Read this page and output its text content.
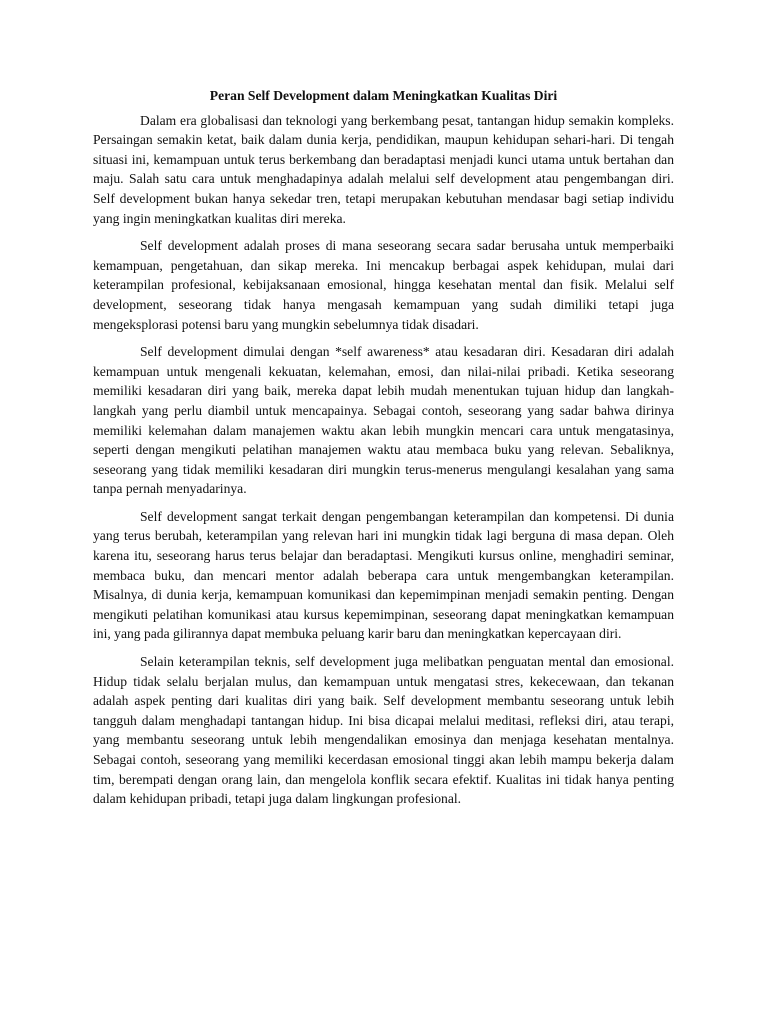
Peran Self Development dalam Meningkatkan Kualitas Diri

Dalam era globalisasi dan teknologi yang berkembang pesat, tantangan hidup semakin kompleks. Persaingan semakin ketat, baik dalam dunia kerja, pendidikan, maupun kehidupan sehari-hari. Di tengah situasi ini, kemampuan untuk terus berkembang dan beradaptasi menjadi kunci utama untuk bertahan dan maju. Salah satu cara untuk menghadapinya adalah melalui self development atau pengembangan diri. Self development bukan hanya sekedar tren, tetapi merupakan kebutuhan mendasar bagi setiap individu yang ingin meningkatkan kualitas diri mereka.

Self development adalah proses di mana seseorang secara sadar berusaha untuk memperbaiki kemampuan, pengetahuan, dan sikap mereka. Ini mencakup berbagai aspek kehidupan, mulai dari keterampilan profesional, kebijaksanaan emosional, hingga kesehatan mental dan fisik. Melalui self development, seseorang tidak hanya mengasah kemampuan yang sudah dimiliki tetapi juga mengeksplorasi potensi baru yang mungkin sebelumnya tidak disadari.

Self development dimulai dengan *self awareness* atau kesadaran diri. Kesadaran diri adalah kemampuan untuk mengenali kekuatan, kelemahan, emosi, dan nilai-nilai pribadi. Ketika seseorang memiliki kesadaran diri yang baik, mereka dapat lebih mudah menentukan tujuan hidup dan langkah-langkah yang perlu diambil untuk mencapainya. Sebagai contoh, seseorang yang sadar bahwa dirinya memiliki kelemahan dalam manajemen waktu akan lebih mungkin mencari cara untuk mengatasinya, seperti dengan mengikuti pelatihan manajemen waktu atau membaca buku yang relevan. Sebaliknya, seseorang yang tidak memiliki kesadaran diri mungkin terus-menerus mengulangi kesalahan yang sama tanpa pernah menyadarinya.

Self development sangat terkait dengan pengembangan keterampilan dan kompetensi. Di dunia yang terus berubah, keterampilan yang relevan hari ini mungkin tidak lagi berguna di masa depan. Oleh karena itu, seseorang harus terus belajar dan beradaptasi. Mengikuti kursus online, menghadiri seminar, membaca buku, dan mencari mentor adalah beberapa cara untuk mengembangkan keterampilan. Misalnya, di dunia kerja, kemampuan komunikasi dan kepemimpinan menjadi semakin penting. Dengan mengikuti pelatihan komunikasi atau kursus kepemimpinan, seseorang dapat meningkatkan kemampuan ini, yang pada gilirannya dapat membuka peluang karir baru dan meningkatkan kepercayaan diri.

Selain keterampilan teknis, self development juga melibatkan penguatan mental dan emosional. Hidup tidak selalu berjalan mulus, dan kemampuan untuk mengatasi stres, kekecewaan, dan tekanan adalah aspek penting dari kualitas diri yang baik. Self development membantu seseorang untuk lebih tangguh dalam menghadapi tantangan hidup. Ini bisa dicapai melalui meditasi, refleksi diri, atau terapi, yang membantu seseorang untuk lebih mengendalikan emosinya dan menjaga kesehatan mentalnya. Sebagai contoh, seseorang yang memiliki kecerdasan emosional tinggi akan lebih mampu bekerja dalam tim, berempati dengan orang lain, dan mengelola konflik secara efektif. Kualitas ini tidak hanya penting dalam kehidupan pribadi, tetapi juga dalam lingkungan profesional.
